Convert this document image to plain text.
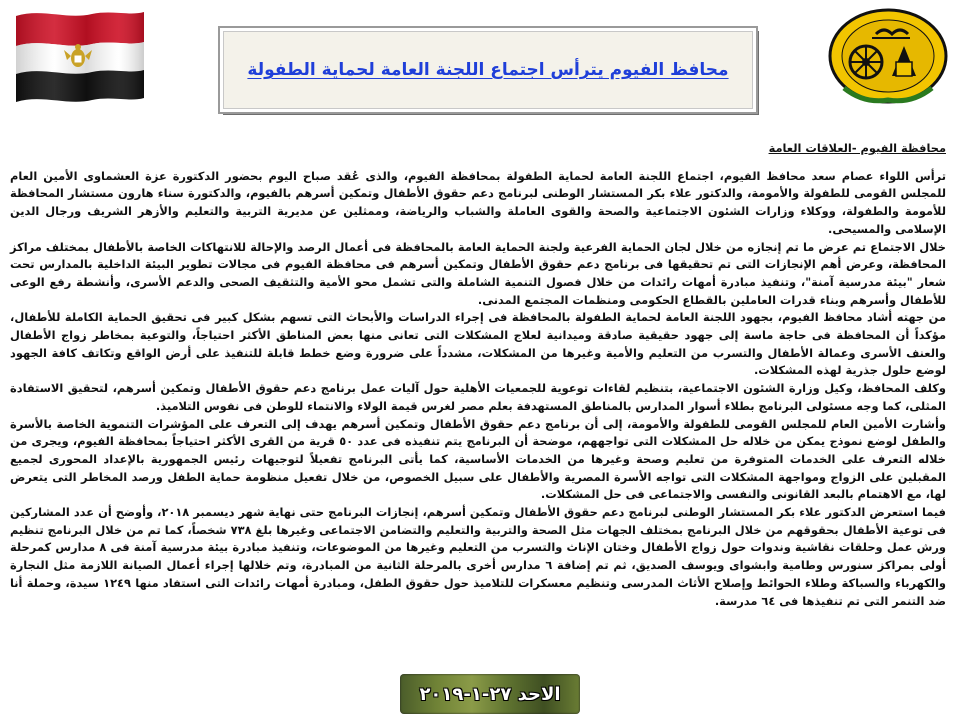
محافظ الفيوم يترأس اجتماع اللجنة العامة لحماية الطفولة

محافظة الفيوم -العلاقات العامة

ترأس اللواء عصام سعد محافظ الفيوم، اجتماع اللجنة العامة لحماية الطفولة بمحافظة الفيوم، والذى عُقد صباح اليوم بحضور الدكتورة عزة العشماوى الأمين العام للمجلس القومى للطفولة والأمومة، والدكتور علاء بكر المستشار الوطنى لبرنامج دعم حقوق الأطفال وتمكين أسرهم بالفيوم، والدكتورة سناء هارون مستشار المحافظة للأمومة والطفولة، ووكلاء وزارات الشئون الاجتماعية والصحة والقوى العاملة والشباب والرياضة، وممثلين عن مديرية التربية والتعليم والأزهر الشريف ورجال الدين الإسلامى والمسيحى.

خلال الاجتماع تم عرض ما تم إنجازه من خلال لجان الحماية الفرعية ولجنة الحماية العامة بالمحافظة فى أعمال الرصد والإحالة للانتهاكات الخاصة بالأطفال بمختلف مراكز المحافظة، وعرض أهم الإنجازات التى تم تحقيقها فى برنامج دعم حقوق الأطفال وتمكين أسرهم فى محافظة الفيوم فى مجالات تطوير البيئة الداخلية بالمدارس تحت شعار "بيئة مدرسية آمنة"، وتنفيذ مبادرة أمهات رائدات من خلال فصول التنمية الشاملة والتى تشمل محو الأمية والتثقيف الصحى والدعم الأسرى، وأنشطة رفع الوعى للأطفال وأسرهم وبناء قدرات العاملين بالقطاع الحكومى ومنظمات المجتمع المدنى.

من جهته أشاد محافظ الفيوم، بجهود اللجنة العامة لحماية الطفولة بالمحافظة فى إجراء الدراسات والأبحاث التى تسهم بشكل كبير فى تحقيق الحماية الكاملة للأطفال، مؤكداً أن المحافظة فى حاجة ماسة إلى جهود حقيقية صادقة وميدانية لعلاج المشكلات التى تعانى منها بعض المناطق الأكثر احتياجاً، والتوعية بمخاطر زواج الأطفال والعنف الأسرى وعمالة الأطفال والتسرب من التعليم والأمية وغيرها من المشكلات، مشدداً على ضرورة وضع خطط قابلة للتنفيذ على أرض الواقع وتكاتف كافة الجهود لوضع حلول جذرية لهذه المشكلات.

وكلف المحافظ، وكيل وزارة الشئون الاجتماعية، بتنظيم لقاءات توعوية للجمعيات الأهلية حول آليات عمل برنامج دعم حقوق الأطفال وتمكين أسرهم، لتحقيق الاستفادة المثلى، كما وجه مسئولى البرنامج بطلاء أسوار المدارس بالمناطق المستهدفة بعلم مصر لغرس قيمة الولاء والانتماء للوطن فى نفوس التلاميذ.

وأشارت الأمين العام للمجلس القومى للطفولة والأمومة، إلى أن برنامج دعم حقوق الأطفال وتمكين أسرهم يهدف إلى التعرف على المؤشرات التنموية الخاصة بالأسرة والطفل لوضع نموذج يمكن من خلاله حل المشكلات التى تواجههم، موضحة أن البرنامج يتم تنفيذه فى عدد ٥٠ قرية من القرى الأكثر احتياجاً بمحافظة الفيوم، ويجرى من خلاله التعرف على الخدمات المتوفرة من تعليم وصحة وغيرها من الخدمات الأساسية، كما يأتى البرنامج تفعيلاً لتوجيهات رئيس الجمهورية بالإعداد المحورى لجميع المقبلين على الزواج ومواجهة المشكلات التى تواجه الأسرة المصرية والأطفال على سبيل الخصوص، من خلال تفعيل منظومة حماية الطفل ورصد المخاطر التى يتعرض لها، مع الاهتمام بالبعد القانونى والنفسى والاجتماعى فى حل المشكلات.

فيما استعرض الدكتور علاء بكر المستشار الوطنى لبرنامج دعم حقوق الأطفال وتمكين أسرهم، إنجازات البرنامج حتى نهاية شهر ديسمبر ٢٠١٨، وأوضح أن عدد المشاركين فى توعية الأطفال بحقوقهم من خلال البرنامج بمختلف الجهات مثل الصحة والتربية والتعليم والتضامن الاجتماعى وغيرها بلغ ٧٣٨ شخصاً، كما تم من خلال البرنامج تنظيم ورش عمل وحلقات نقاشية وندوات حول زواج الأطفال وختان الإناث والتسرب من التعليم وغيرها من الموضوعات، وتنفيذ مبادرة بيئة مدرسية آمنة فى ٨ مدارس كمرحلة أولى بمراكز سنورس وطامية وابشواى ويوسف الصديق، ثم تم إضافة ٦ مدارس أخرى بالمرحلة الثانية من المبادرة، وتم خلالها إجراء أعمال الصيانة اللازمة مثل النجارة والكهرباء والسباكة وطلاء الحوائط وإصلاح الأثاث المدرسى وتنظيم معسكرات للتلاميذ حول حقوق الطفل، ومبادرة أمهات رائدات التى استفاد منها ١٢٤٩ سيدة، وحملة أنا ضد التنمر التى تم تنفيذها فى ٦٤ مدرسة.

الاحد ٢٧-١-٢٠١٩
